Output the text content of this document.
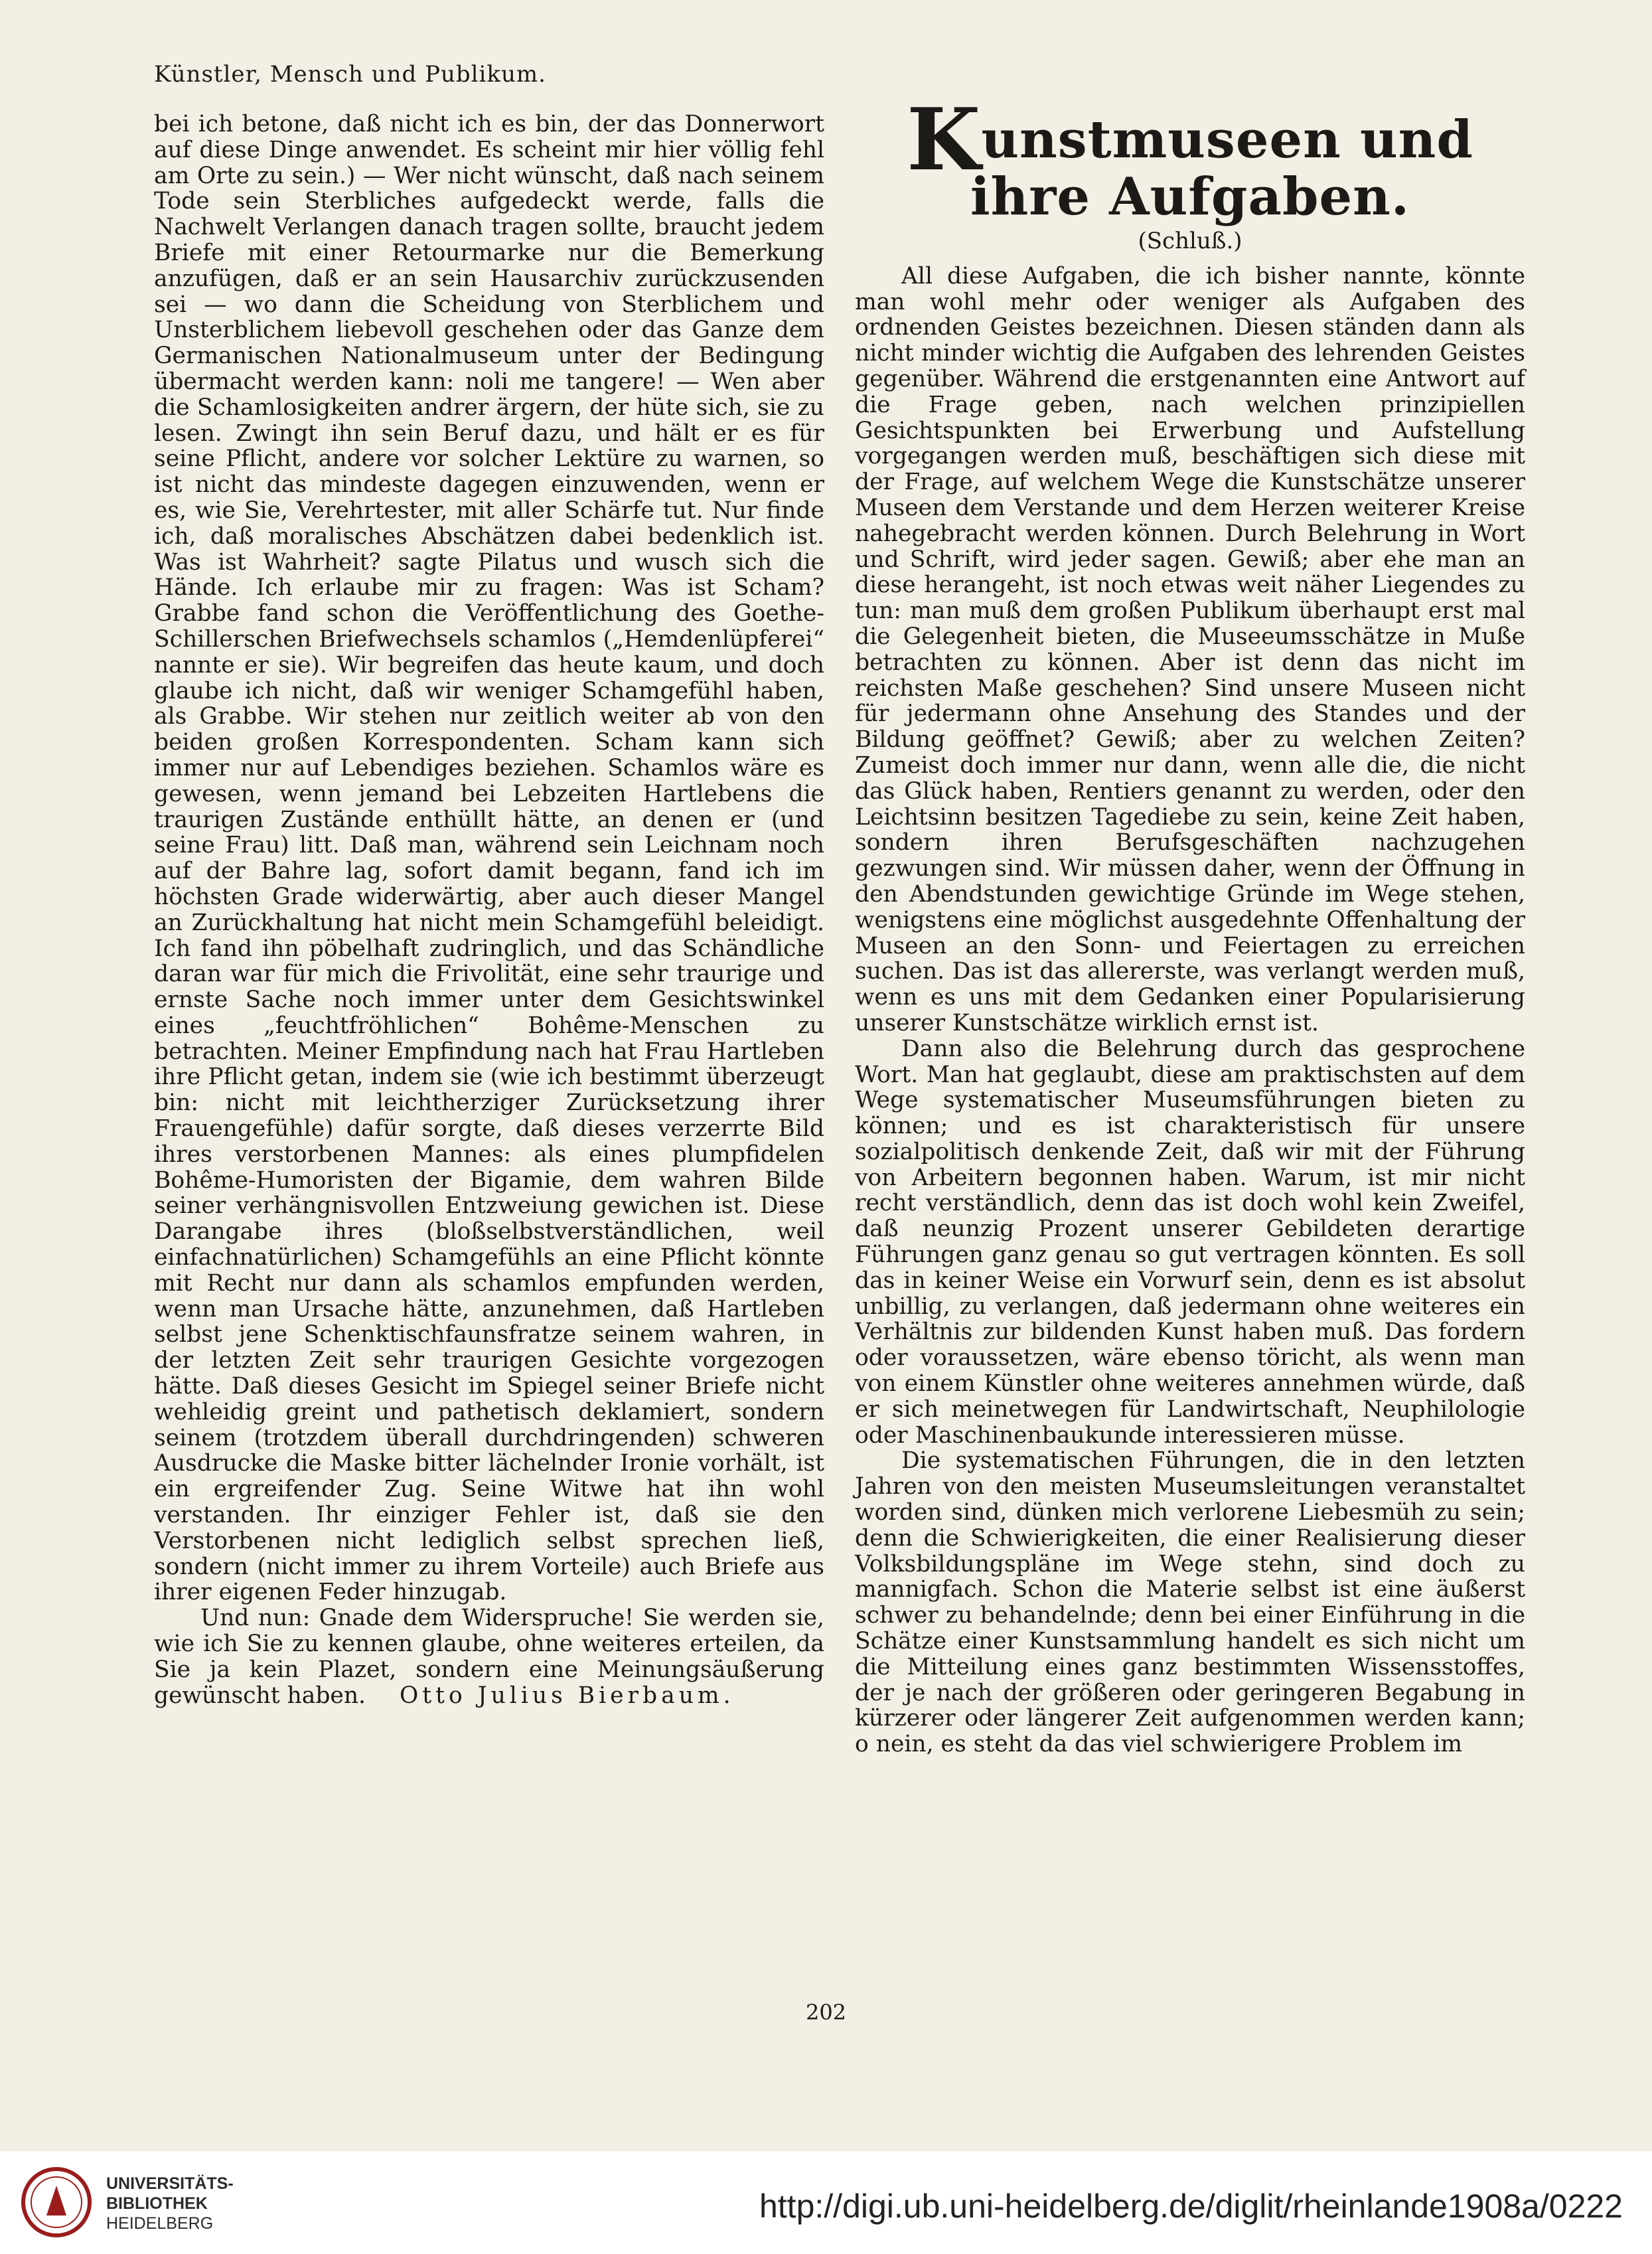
Künstler, Mensch und Publikum.

bei ich betone, daß nicht ich es bin, der das Donnerwort auf diese Dinge anwendet. Es scheint mir hier völlig fehl am Orte zu sein.) — Wer nicht wünscht, daß nach seinem Tode sein Sterbliches aufgedeckt werde, falls die Nachwelt Verlangen danach tragen sollte, braucht jedem Briefe mit einer Retourmarke nur die Bemerkung anzufügen, daß er an sein Hausarchiv zurückzusenden sei — wo dann die Scheidung von Sterblichem und Unsterblichem liebevoll geschehen oder das Ganze dem Germanischen Nationalmuseum unter der Bedingung übermacht werden kann: noli me tangere! — Wen aber die Schamlosigkeiten andrer ärgern, der hüte sich, sie zu lesen. Zwingt ihn sein Beruf dazu, und hält er es für seine Pflicht, andere vor solcher Lektüre zu warnen, so ist nicht das mindeste dagegen einzuwenden, wenn er es, wie Sie, Verehrtester, mit aller Schärfe tut. Nur finde ich, daß moralisches Abschätzen dabei bedenklich ist. Was ist Wahrheit? sagte Pilatus und wusch sich die Hände. Ich erlaube mir zu fragen: Was ist Scham? Grabbe fand schon die Veröffentlichung des Goethe-Schillerschen Briefwechsels schamlos („Hemdenlüpferei“ nannte er sie). Wir begreifen das heute kaum, und doch glaube ich nicht, daß wir weniger Schamgefühl haben, als Grabbe. Wir stehen nur zeitlich weiter ab von den beiden großen Korrespondenten. Scham kann sich immer nur auf Lebendiges beziehen. Schamlos wäre es gewesen, wenn jemand bei Lebzeiten Hartlebens die traurigen Zustände enthüllt hätte, an denen er (und seine Frau) litt. Daß man, während sein Leichnam noch auf der Bahre lag, sofort damit begann, fand ich im höchsten Grade widerwärtig, aber auch dieser Mangel an Zurückhaltung hat nicht mein Schamgefühl beleidigt. Ich fand ihn pöbelhaft zudringlich, und das Schändliche daran war für mich die Frivolität, eine sehr traurige und ernste Sache noch immer unter dem Gesichtswinkel eines „feuchtfröhlichen“ Bohême-Menschen zu betrachten. Meiner Empfindung nach hat Frau Hartleben ihre Pflicht getan, indem sie (wie ich bestimmt überzeugt bin: nicht mit leichtherziger Zurücksetzung ihrer Frauengefühle) dafür sorgte, daß dieses verzerrte Bild ihres verstorbenen Mannes: als eines plumpfidelen Bohême-Humoristen der Bigamie, dem wahren Bilde seiner verhängnisvollen Entzweiung gewichen ist. Diese Darangabe ihres (bloßselbstverständlichen, weil einfachnatürlichen) Schamgefühls an eine Pflicht könnte mit Recht nur dann als schamlos empfunden werden, wenn man Ursache hätte, anzunehmen, daß Hartleben selbst jene Schenktischfaunsfratze seinem wahren, in der letzten Zeit sehr traurigen Gesichte vorgezogen hätte. Daß dieses Gesicht im Spiegel seiner Briefe nicht wehleidig greint und pathetisch deklamiert, sondern seinem (trotzdem überall durchdringenden) schweren Ausdrucke die Maske bitter lächelnder Ironie vorhält, ist ein ergreifender Zug. Seine Witwe hat ihn wohl verstanden. Ihr einziger Fehler ist, daß sie den Verstorbenen nicht lediglich selbst sprechen ließ, sondern (nicht immer zu ihrem Vorteile) auch Briefe aus ihrer eigenen Feder hinzugab.

Und nun: Gnade dem Widerspruche! Sie werden sie, wie ich Sie zu kennen glaube, ohne weiteres erteilen, da Sie ja kein Plazet, sondern eine Meinungsäußerung gewünscht haben. Otto Julius Bierbaum.

Kunstmuseen und ihre Aufgaben.
(Schluß.)

All diese Aufgaben, die ich bisher nannte, könnte man wohl mehr oder weniger als Aufgaben des ordnenden Geistes bezeichnen. Diesen ständen dann als nicht minder wichtig die Aufgaben des lehrenden Geistes gegenüber. Während die erstgenannten eine Antwort auf die Frage geben, nach welchen prinzipiellen Gesichtspunkten bei Erwerbung und Aufstellung vorgegangen werden muß, beschäftigen sich diese mit der Frage, auf welchem Wege die Kunstschätze unserer Museen dem Verstande und dem Herzen weiterer Kreise nahegebracht werden können. Durch Belehrung in Wort und Schrift, wird jeder sagen. Gewiß; aber ehe man an diese herangeht, ist noch etwas weit näher Liegendes zu tun: man muß dem großen Publikum überhaupt erst mal die Gelegenheit bieten, die Museeumsschätze in Muße betrachten zu können. Aber ist denn das nicht im reichsten Maße geschehen? Sind unsere Museen nicht für jedermann ohne Ansehung des Standes und der Bildung geöffnet? Gewiß; aber zu welchen Zeiten? Zumeist doch immer nur dann, wenn alle die, die nicht das Glück haben, Rentiers genannt zu werden, oder den Leichtsinn besitzen Tagediebe zu sein, keine Zeit haben, sondern ihren Berufsgeschäften nachzugehen gezwungen sind. Wir müssen daher, wenn der Öffnung in den Abendstunden gewichtige Gründe im Wege stehen, wenigstens eine möglichst ausgedehnte Offenhaltung der Museen an den Sonn- und Feiertagen zu erreichen suchen. Das ist das allererste, was verlangt werden muß, wenn es uns mit dem Gedanken einer Popularisierung unserer Kunstschätze wirklich ernst ist.

Dann also die Belehrung durch das gesprochene Wort. Man hat geglaubt, diese am praktischsten auf dem Wege systematischer Museumsführungen bieten zu können; und es ist charakteristisch für unsere sozialpolitisch denkende Zeit, daß wir mit der Führung von Arbeitern begonnen haben. Warum, ist mir nicht recht verständlich, denn das ist doch wohl kein Zweifel, daß neunzig Prozent unserer Gebildeten derartige Führungen ganz genau so gut vertragen könnten. Es soll das in keiner Weise ein Vorwurf sein, denn es ist absolut unbillig, zu verlangen, daß jedermann ohne weiteres ein Verhältnis zur bildenden Kunst haben muß. Das fordern oder voraussetzen, wäre ebenso töricht, als wenn man von einem Künstler ohne weiteres annehmen würde, daß er sich meinetwegen für Landwirtschaft, Neuphilologie oder Maschinenbaukunde interessieren müsse.

Die systematischen Führungen, die in den letzten Jahren von den meisten Museumsleitungen veranstaltet worden sind, dünken mich verlorene Liebesmüh zu sein; denn die Schwierigkeiten, die einer Realisierung dieser Volksbildungspläne im Wege stehn, sind doch zu mannigfach. Schon die Materie selbst ist eine äußerst schwer zu behandelnde; denn bei einer Einführung in die Schätze einer Kunstsammlung handelt es sich nicht um die Mitteilung eines ganz bestimmten Wissensstoffes, der je nach der größeren oder geringeren Begabung in kürzerer oder längerer Zeit aufgenommen werden kann; o nein, es steht da das viel schwierigere Problem im

202
UNIVERSITÄTS-
BIBLIOTHEK
HEIDELBERG	http://digi.ub.uni-heidelberg.de/diglit/rheinlande1908a/0222
